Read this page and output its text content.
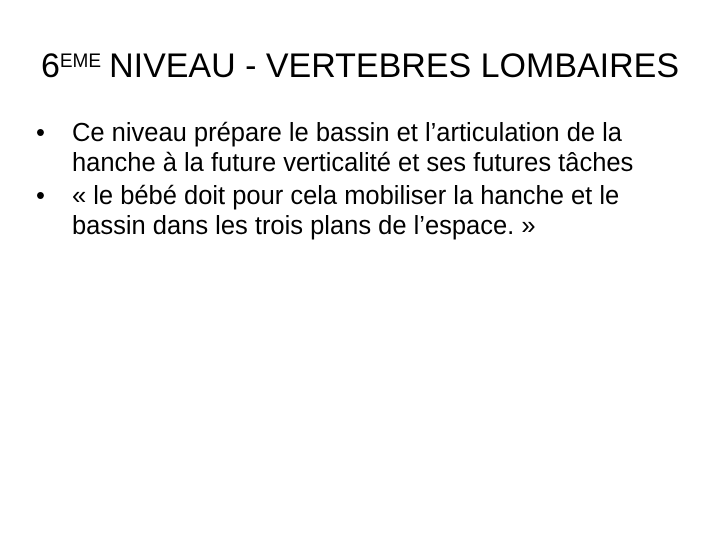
6EME NIVEAU - VERTEBRES LOMBAIRES
•	Ce niveau prépare le bassin et l’articulation de la hanche à la future verticalité et ses futures tâches
•	« le bébé doit pour cela mobiliser la hanche et le bassin dans les trois plans de l’espace. »
